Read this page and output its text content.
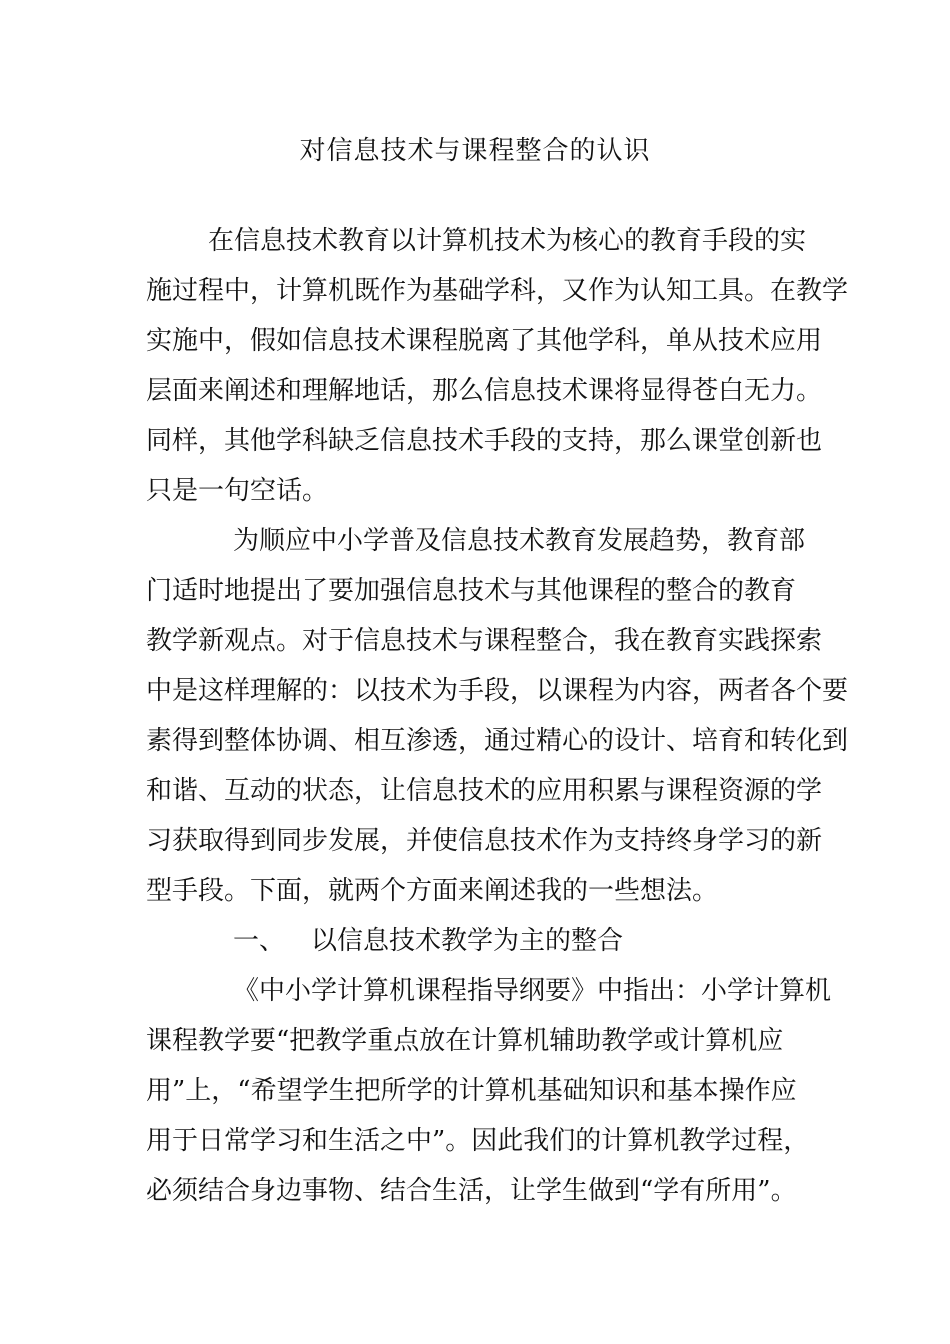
对信息技术与课程整合的认识
在信息技术教育以计算机技术为核心的教育手段的实
施过程中，计算机既作为基础学科，又作为认知工具。在教学
实施中，假如信息技术课程脱离了其他学科，单从技术应用
层面来阐述和理解地话，那么信息技术课将显得苍白无力。
同样，其他学科缺乏信息技术手段的支持，那么课堂创新也
只是一句空话。
为顺应中小学普及信息技术教育发展趋势，教育部
门适时地提出了要加强信息技术与其他课程的整合的教育
教学新观点。对于信息技术与课程整合，我在教育实践探索
中是这样理解的：以技术为手段，以课程为内容，两者各个要
素得到整体协调、相互渗透，通过精心的设计、培育和转化到
和谐、互动的状态，让信息技术的应用积累与课程资源的学
习获取得到同步发展，并使信息技术作为支持终身学习的新
型手段。下面，就两个方面来阐述我的一些想法。
一、 以信息技术教学为主的整合
《中小学计算机课程指导纲要》中指出：小学计算机
课程教学要“把教学重点放在计算机辅助教学或计算机应
用”上，“希望学生把所学的计算机基础知识和基本操作应
用于日常学习和生活之中”。因此我们的计算机教学过程，
必须结合身边事物、结合生活，让学生做到“学有所用”。
